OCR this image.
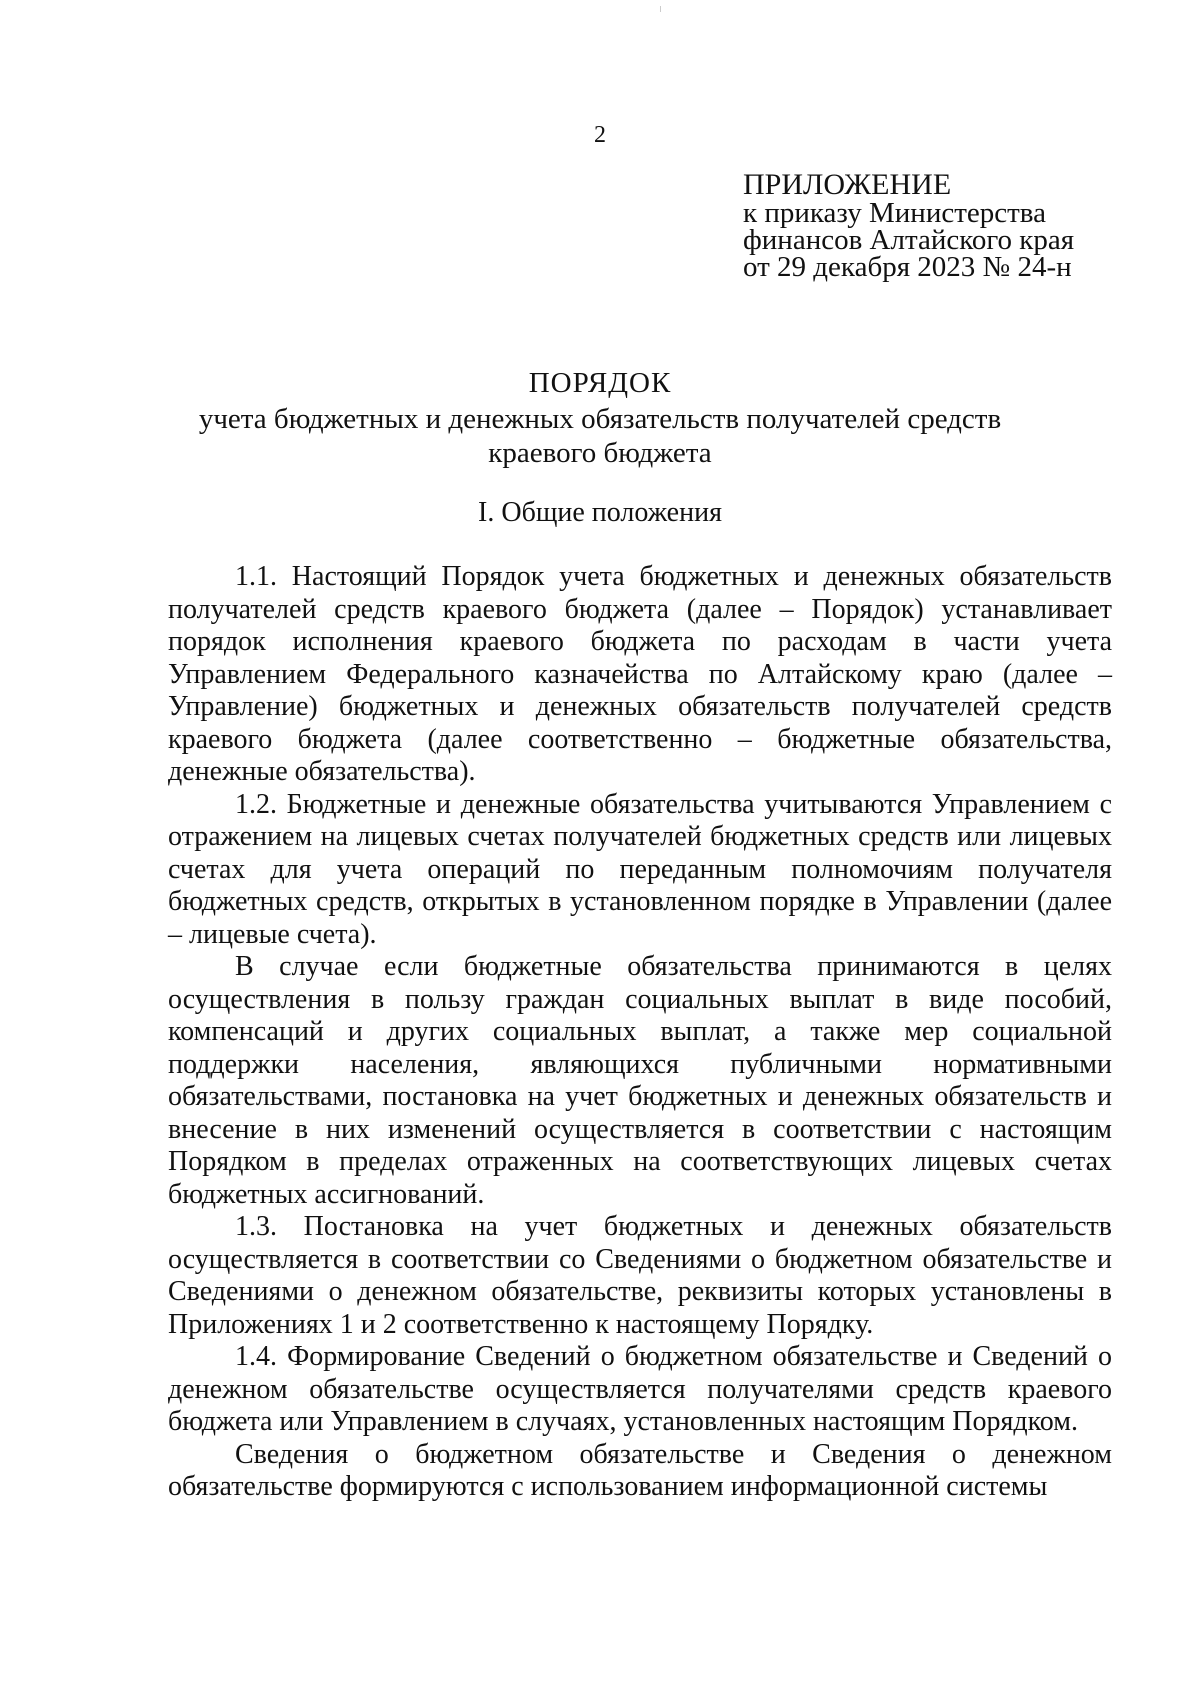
2
ПРИЛОЖЕНИЕ
к приказу Министерства
финансов Алтайского края
от 29 декабря 2023 № 24-н
ПОРЯДОК
учета бюджетных и денежных обязательств получателей средств
краевого бюджета
I. Общие положения

1.1. Настоящий Порядок учета бюджетных и денежных обязательств получателей средств краевого бюджета (далее – Порядок) устанавливает порядок исполнения краевого бюджета по расходам в части учета Управлением Федерального казначейства по Алтайскому краю (далее – Управление) бюджетных и денежных обязательств получателей средств краевого бюджета (далее соответственно – бюджетные обязательства, денежные обязательства).

1.2. Бюджетные и денежные обязательства учитываются Управлением с отражением на лицевых счетах получателей бюджетных средств или лицевых счетах для учета операций по переданным полномочиям получателя бюджетных средств, открытых в установленном порядке в Управлении (далее – лицевые счета).

В случае если бюджетные обязательства принимаются в целях осуществления в пользу граждан социальных выплат в виде пособий, компенсаций и других социальных выплат, а также мер социальной поддержки населения, являющихся публичными нормативными обязательствами, постановка на учет бюджетных и денежных обязательств и внесение в них изменений осуществляется в соответствии с настоящим Порядком в пределах отраженных на соответствующих лицевых счетах бюджетных ассигнований.

1.3. Постановка на учет бюджетных и денежных обязательств осуществляется в соответствии со Сведениями о бюджетном обязательстве и Сведениями о денежном обязательстве, реквизиты которых установлены в Приложениях 1 и 2 соответственно к настоящему Порядку.

1.4. Формирование Сведений о бюджетном обязательстве и Сведений о денежном обязательстве осуществляется получателями средств краевого бюджета или Управлением в случаях, установленных настоящим Порядком.

Сведения о бюджетном обязательстве и Сведения о денежном обязательстве формируются с использованием информационной системы
